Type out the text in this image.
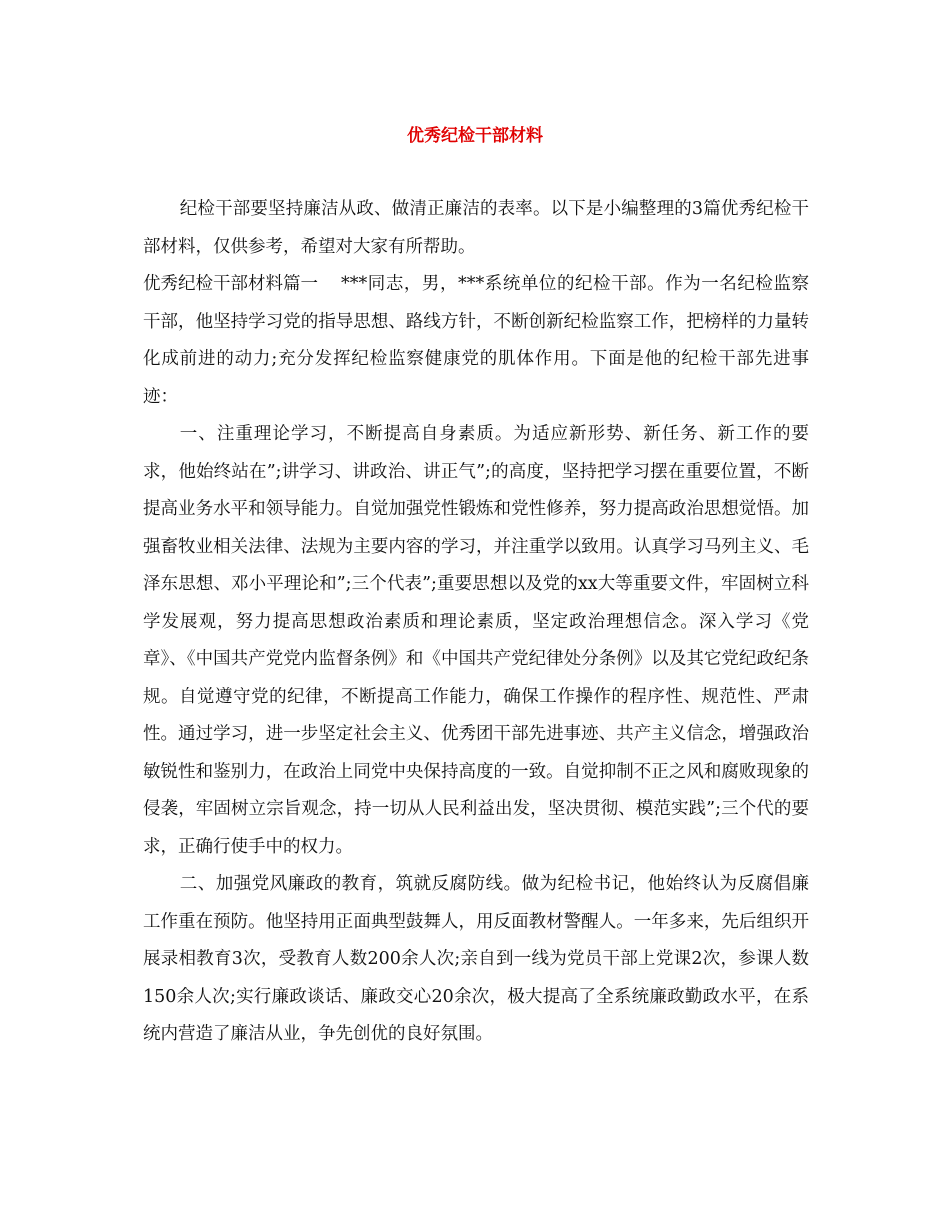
优秀纪检干部材料

纪检干部要坚持廉洁从政、做清正廉洁的表率。以下是小编整理的3篇优秀纪检干部材料，仅供参考，希望对大家有所帮助。

优秀纪检干部材料篇一 ***同志，男，***系统单位的纪检干部。作为一名纪检监察干部，他坚持学习党的指导思想、路线方针，不断创新纪检监察工作，把榜样的力量转化成前进的动力;充分发挥纪检监察健康党的肌体作用。下面是他的纪检干部先进事迹：

一、注重理论学习，不断提高自身素质。为适应新形势、新任务、新工作的要求，他始终站在”;讲学习、讲政治、讲正气”;的高度，坚持把学习摆在重要位置，不断提高业务水平和领导能力。自觉加强党性锻炼和党性修养，努力提高政治思想觉悟。加强畜牧业相关法律、法规为主要内容的学习，并注重学以致用。认真学习马列主义、毛泽东思想、邓小平理论和”;三个代表”;重要思想以及党的xx大等重要文件，牢固树立科学发展观，努力提高思想政治素质和理论素质，坚定政治理想信念。深入学习《党章》、《中国共产党党内监督条例》和《中国共产党纪律处分条例》以及其它党纪政纪条规。自觉遵守党的纪律，不断提高工作能力，确保工作操作的程序性、规范性、严肃性。通过学习，进一步坚定社会主义、优秀团干部先进事迹、共产主义信念，增强政治敏锐性和鉴别力，在政治上同党中央保持高度的一致。自觉抑制不正之风和腐败现象的侵袭，牢固树立宗旨观念，持一切从人民利益出发，坚决贯彻、模范实践”;三个代的要求，正确行使手中的权力。

二、加强党风廉政的教育，筑就反腐防线。做为纪检书记，他始终认为反腐倡廉工作重在预防。他坚持用正面典型鼓舞人，用反面教材警醒人。一年多来，先后组织开展录相教育3次，受教育人数200余人次;亲自到一线为党员干部上党课2次，参课人数150余人次;实行廉政谈话、廉政交心20余次，极大提高了全系统廉政勤政水平，在系统内营造了廉洁从业，争先创优的良好氛围。
